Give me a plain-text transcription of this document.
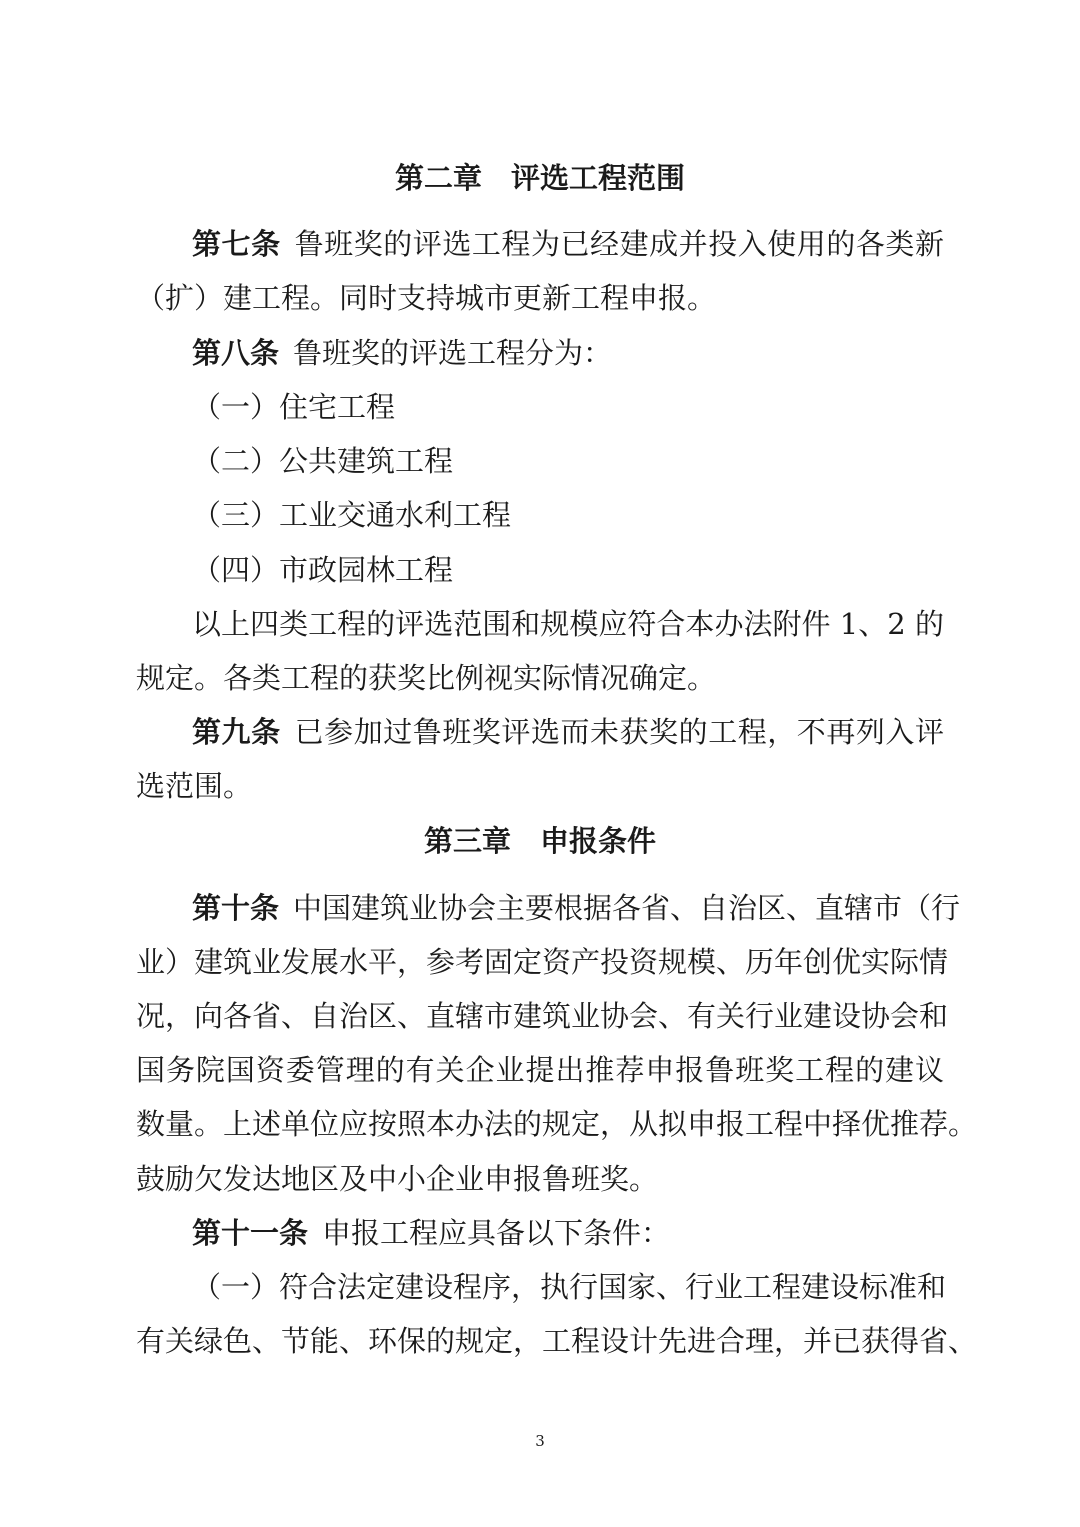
第二章　评选工程范围
第七条 鲁班奖的评选工程为已经建成并投入使用的各类新
（扩）建工程。同时支持城市更新工程申报。
第八条 鲁班奖的评选工程分为：
（一）住宅工程
（二）公共建筑工程
（三）工业交通水利工程
（四）市政园林工程
以上四类工程的评选范围和规模应符合本办法附件 1、2 的
规定。各类工程的获奖比例视实际情况确定。
第九条 已参加过鲁班奖评选而未获奖的工程，不再列入评
选范围。
第三章　申报条件
第十条 中国建筑业协会主要根据各省、自治区、直辖市（行
业）建筑业发展水平，参考固定资产投资规模、历年创优实际情
况，向各省、自治区、直辖市建筑业协会、有关行业建设协会和
国务院国资委管理的有关企业提出推荐申报鲁班奖工程的建议
数量。上述单位应按照本办法的规定，从拟申报工程中择优推荐。
鼓励欠发达地区及中小企业申报鲁班奖。
第十一条 申报工程应具备以下条件：
（一）符合法定建设程序，执行国家、行业工程建设标准和
有关绿色、节能、环保的规定，工程设计先进合理，并已获得省、
3
